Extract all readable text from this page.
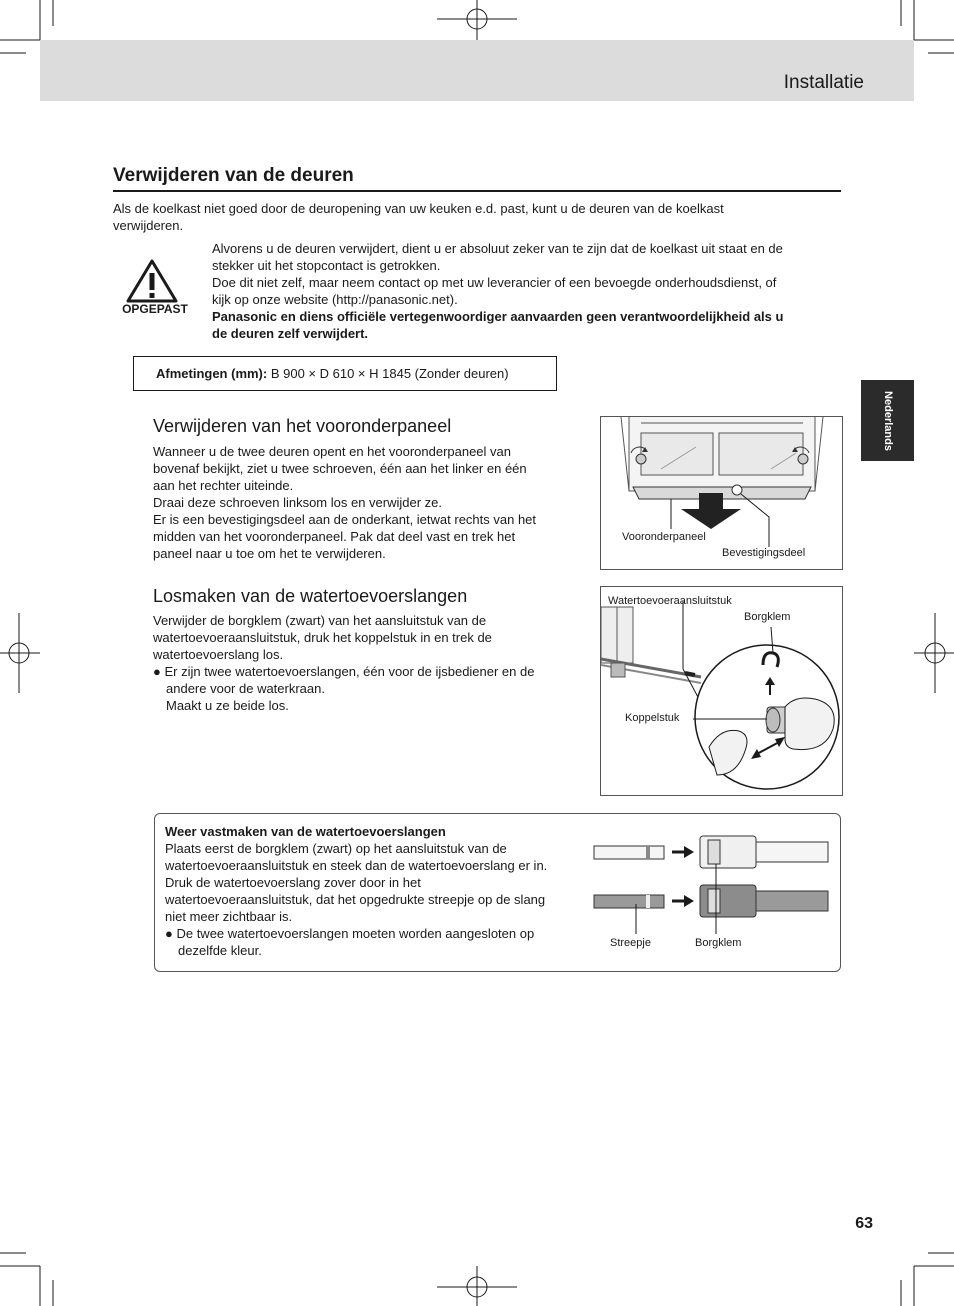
Installatie
Nederlands
Verwijderen van de deuren
Als de koelkast niet goed door de deuropening van uw keuken e.d. past, kunt u de deuren van de koelkast
verwijderen.
OPGEPAST
Alvorens u de deuren verwijdert, dient u er absoluut zeker van te zijn dat de koelkast uit staat en de
stekker uit het stopcontact is getrokken.
Doe dit niet zelf, maar neem contact op met uw leverancier of een bevoegde onderhoudsdienst, of
kijk op onze website (http://panasonic.net).
Panasonic en diens officiële vertegenwoordiger aanvaarden geen verantwoordelijkheid als u
de deuren zelf verwijdert.
Afmetingen (mm): B 900 × D 610 × H 1845 (Zonder deuren)
Verwijderen van het vooronderpaneel
Wanneer u de twee deuren opent en het vooronderpaneel van
bovenaf bekijkt, ziet u twee schroeven, één aan het linker en één
aan het rechter uiteinde.
Draai deze schroeven linksom los en verwijder ze.
Er is een bevestigingsdeel aan de onderkant, ietwat rechts van het
midden van het vooronderpaneel. Pak dat deel vast en trek het
paneel naar u toe om het te verwijderen.
Vooronderpaneel
Bevestigingsdeel
Losmaken van de watertoevoerslangen
Verwijder de borgklem (zwart) van het aansluitstuk van de
watertoevoeraansluitstuk, druk het koppelstuk in en trek de
watertoevoerslang los.
● Er zijn twee watertoevoerslangen, één voor de ijsbediener en de
andere voor de waterkraan.
Maakt u ze beide los.
Watertoevoeraansluitstuk
Borgklem
Koppelstuk
Weer vastmaken van de watertoevoerslangen
Plaats eerst de borgklem (zwart) op het aansluitstuk van de
watertoevoeraansluitstuk en steek dan de watertoevoerslang er in.
Druk de watertoevoerslang zover door in het
watertoevoeraansluitstuk, dat het opgedrukte streepje op de slang
niet meer zichtbaar is.
● De twee watertoevoerslangen moeten worden aangesloten op
dezelfde kleur.	Streepje	Borgklem
63
